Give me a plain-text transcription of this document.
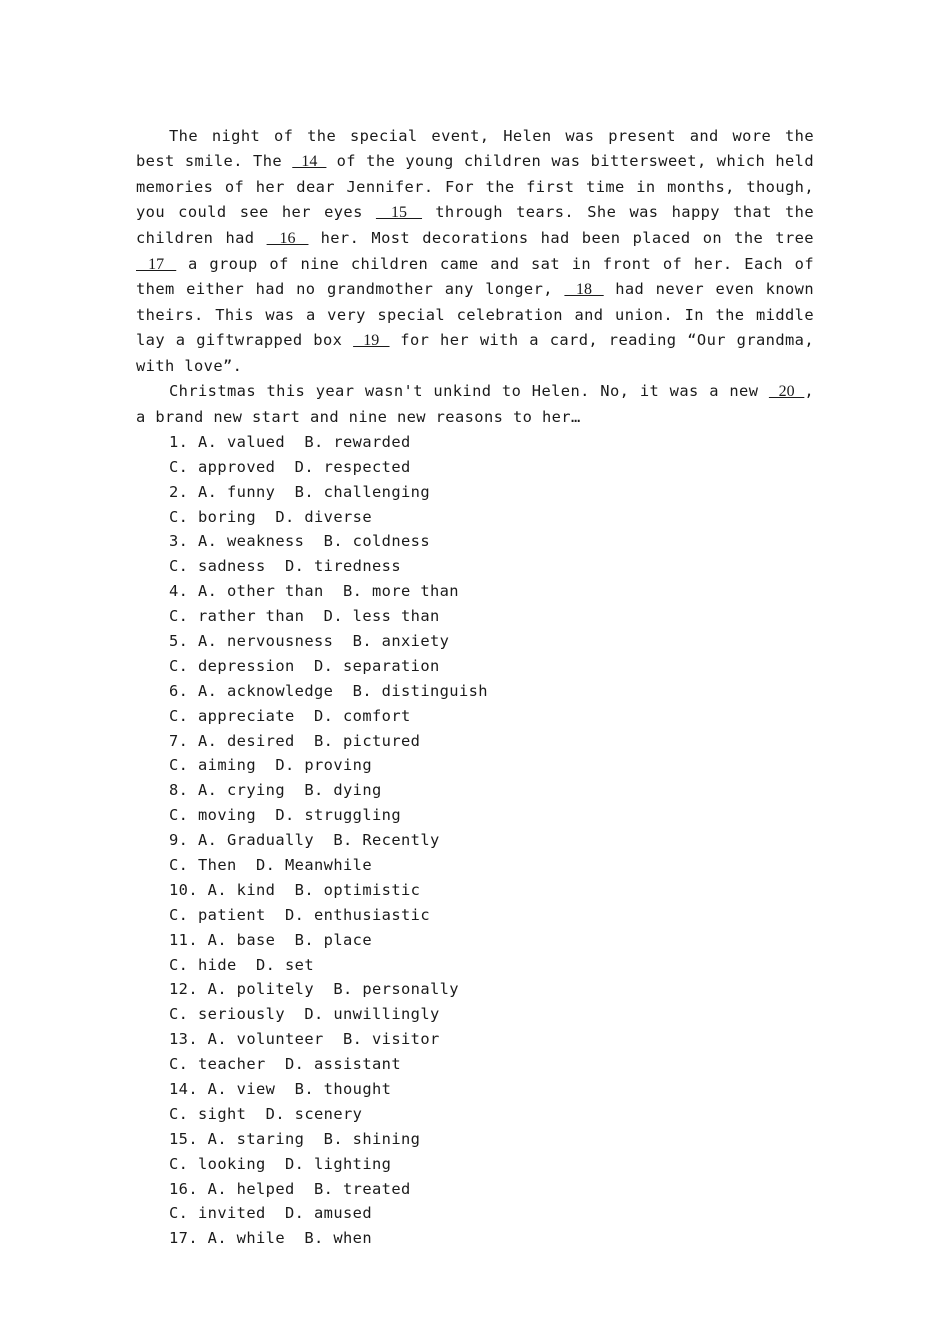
The night of the special event, Helen was present and wore the best smile. The   14   of the young children was bittersweet, which held memories of her dear Jennifer. For the first time in months, though, you could see her eyes   15   through tears. She was happy that the children had   16   her. Most decorations had been placed on the tree   17   a group of nine children came and sat in front of her. Each of them either had no grandmother any longer,   18   had never even known theirs. This was a very special celebration and union. In the middle lay a giftwrapped box   19   for her with a card, reading “Our grandma, with love”.

Christmas this year wasn't unkind to Helen. No, it was a new   20  , a brand new start and nine new reasons to her…

1. A. valued  B. rewarded

C. approved  D. respected

2. A. funny  B. challenging

C. boring  D. diverse

3. A. weakness  B. coldness

C. sadness  D. tiredness

4. A. other than  B. more than

C. rather than  D. less than

5. A. nervousness  B. anxiety

C. depression  D. separation

6. A. acknowledge  B. distinguish

C. appreciate  D. comfort

7. A. desired  B. pictured

C. aiming  D. proving

8. A. crying  B. dying

C. moving  D. struggling

9. A. Gradually  B. Recently

C. Then  D. Meanwhile

10. A. kind  B. optimistic

C. patient  D. enthusiastic

11. A. base  B. place

C. hide  D. set

12. A. politely  B. personally

C. seriously  D. unwillingly

13. A. volunteer  B. visitor

C. teacher  D. assistant

14. A. view  B. thought

C. sight  D. scenery

15. A. staring  B. shining

C. looking  D. lighting

16. A. helped  B. treated

C. invited  D. amused

17. A. while  B. when
